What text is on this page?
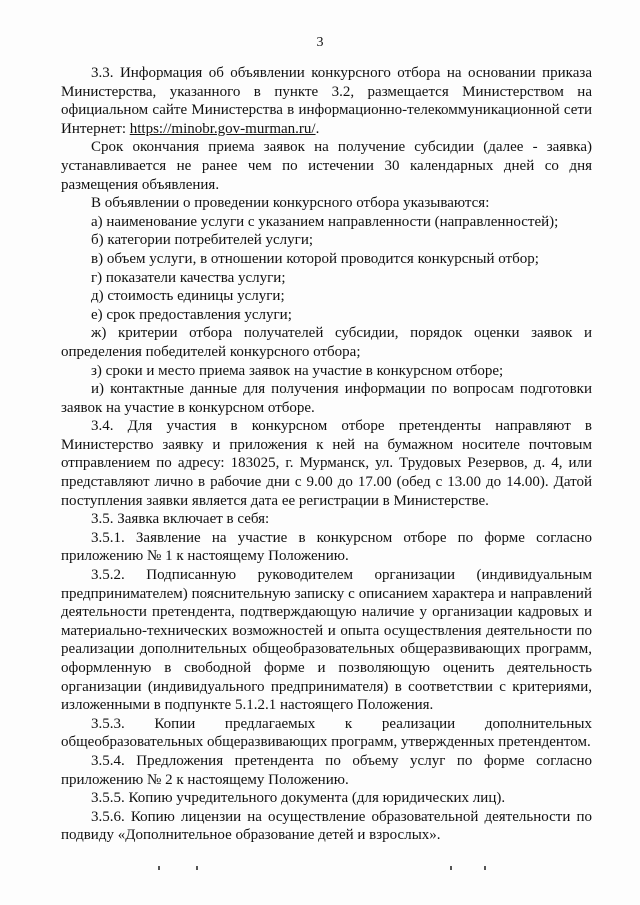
3

3.3. Информация об объявлении конкурсного отбора на основании приказа Министерства, указанного в пункте 3.2, размещается Министерством на официальном сайте Министерства в информационно-телекоммуникационной сети Интернет: https://minobr.gov-murman.ru/.

Срок окончания приема заявок на получение субсидии (далее - заявка) устанавливается не ранее чем по истечении 30 календарных дней со дня размещения объявления.

В объявлении о проведении конкурсного отбора указываются:

а) наименование услуги с указанием направленности (направленностей);

б) категории потребителей услуги;

в) объем услуги, в отношении которой проводится конкурсный отбор;

г) показатели качества услуги;

д) стоимость единицы услуги;

е) срок предоставления услуги;

ж) критерии отбора получателей субсидии, порядок оценки заявок и определения победителей конкурсного отбора;

з) сроки и место приема заявок на участие в конкурсном отборе;

и) контактные данные для получения информации по вопросам подготовки заявок на участие в конкурсном отборе.

3.4. Для участия в конкурсном отборе претенденты направляют в Министерство заявку и приложения к ней на бумажном носителе почтовым отправлением по адресу: 183025, г. Мурманск, ул. Трудовых Резервов, д. 4, или представляют лично в рабочие дни с 9.00 до 17.00 (обед с 13.00 до 14.00). Датой поступления заявки является дата ее регистрации в Министерстве.

3.5. Заявка включает в себя:

3.5.1. Заявление на участие в конкурсном отборе по форме согласно приложению № 1 к настоящему Положению.

3.5.2. Подписанную руководителем организации (индивидуальным предпринимателем) пояснительную записку с описанием характера и направлений деятельности претендента, подтверждающую наличие у организации кадровых и материально-технических возможностей и опыта осуществления деятельности по реализации дополнительных общеобразовательных общеразвивающих программ, оформленную в свободной форме и позволяющую оценить деятельность организации (индивидуального предпринимателя) в соответствии с критериями, изложенными в подпункте 5.1.2.1 настоящего Положения.

3.5.3. Копии предлагаемых к реализации дополнительных общеобразовательных общеразвивающих программ, утвержденных претендентом.

3.5.4. Предложения претендента по объему услуг по форме согласно приложению № 2 к настоящему Положению.

3.5.5. Копию учредительного документа (для юридических лиц).

3.5.6. Копию лицензии на осуществление образовательной деятельности по подвиду «Дополнительное образование детей и взрослых».
